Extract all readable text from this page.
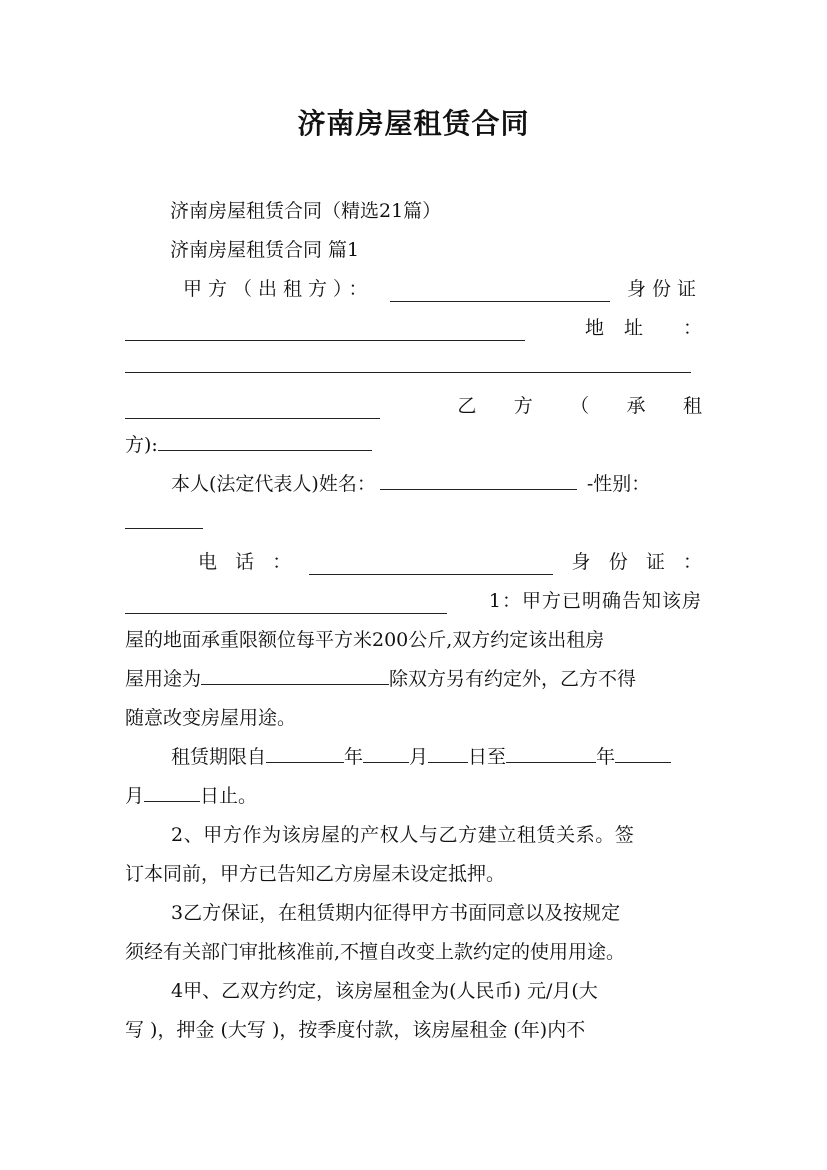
济南房屋租赁合同
济南房屋租赁合同（精选21篇）
济南房屋租赁合同 篇1
甲方（出租方）：	身份证
地 址	：
乙 方 （ 承 租
方):
本人(法定代表人)姓名：	-性别：
电 话 ：	身 份 证 ：
1：甲方已明确告知该房
屋的地面承重限额位每平方米200公斤,双方约定该出租房
屋用途为	除双方另有约定外，乙方不得
随意改变房屋用途。
租赁期限自	年 月 日至	年
月	日止。
2、甲方作为该房屋的产权人与乙方建立租赁关系。签
订本同前，甲方已告知乙方房屋未设定抵押。
3乙方保证，在租赁期内征得甲方书面同意以及按规定
须经有关部门审批核准前,不擅自改变上款约定的使用用途。
4甲、乙双方约定，该房屋租金为(人民币) 元/月(大
写 )，押金 (大写 )，按季度付款，该房屋租金 (年)内不
